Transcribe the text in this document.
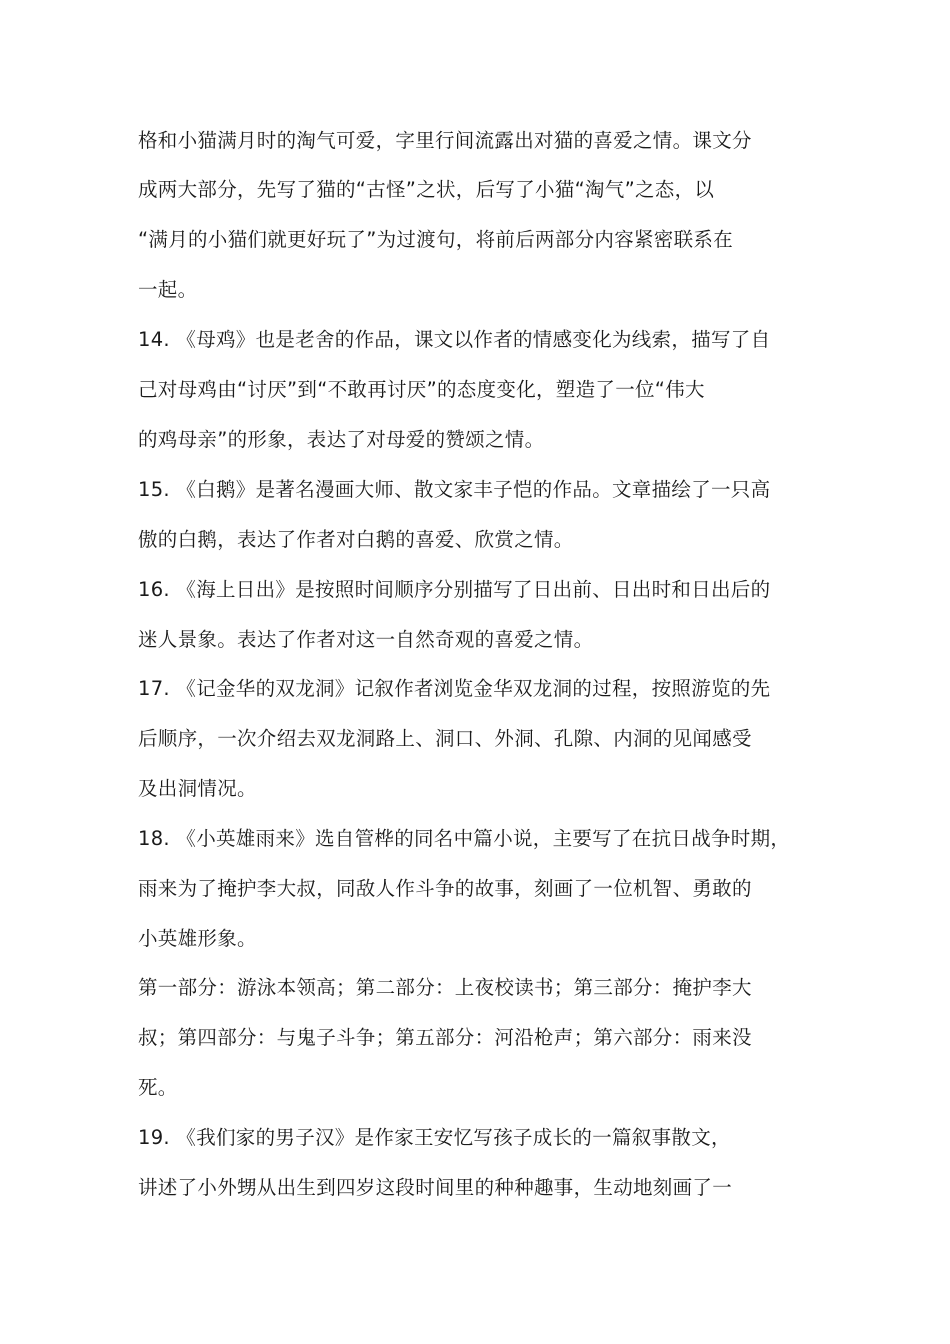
格和小猫满月时的淘气可爱，字里行间流露出对猫的喜爱之情。课文分
成两大部分，先写了猫的“古怪”之状，后写了小猫“淘气”之态，以
“满月的小猫们就更好玩了”为过渡句，将前后两部分内容紧密联系在
一起。
14. 《母鸡》也是老舍的作品，课文以作者的情感变化为线索，描写了自
己对母鸡由“讨厌”到“不敢再讨厌”的态度变化，塑造了一位“伟大
的鸡母亲”的形象，表达了对母爱的赞颂之情。
15. 《白鹅》是著名漫画大师、散文家丰子恺的作品。文章描绘了一只高
傲的白鹅，表达了作者对白鹅的喜爱、欣赏之情。
16. 《海上日出》是按照时间顺序分别描写了日出前、日出时和日出后的
迷人景象。表达了作者对这一自然奇观的喜爱之情。
17. 《记金华的双龙洞》记叙作者浏览金华双龙洞的过程，按照游览的先
后顺序，一次介绍去双龙洞路上、洞口、外洞、孔隙、内洞的见闻感受
及出洞情况。
18. 《小英雄雨来》选自管桦的同名中篇小说，主要写了在抗日战争时期，
雨来为了掩护李大叔，同敌人作斗争的故事，刻画了一位机智、勇敢的
小英雄形象。
第一部分：游泳本领高；第二部分：上夜校读书；第三部分：掩护李大
叔；第四部分：与鬼子斗争；第五部分：河沿枪声；第六部分：雨来没
死。
19. 《我们家的男子汉》是作家王安忆写孩子成长的一篇叙事散文，
讲述了小外甥从出生到四岁这段时间里的种种趣事，生动地刻画了一
